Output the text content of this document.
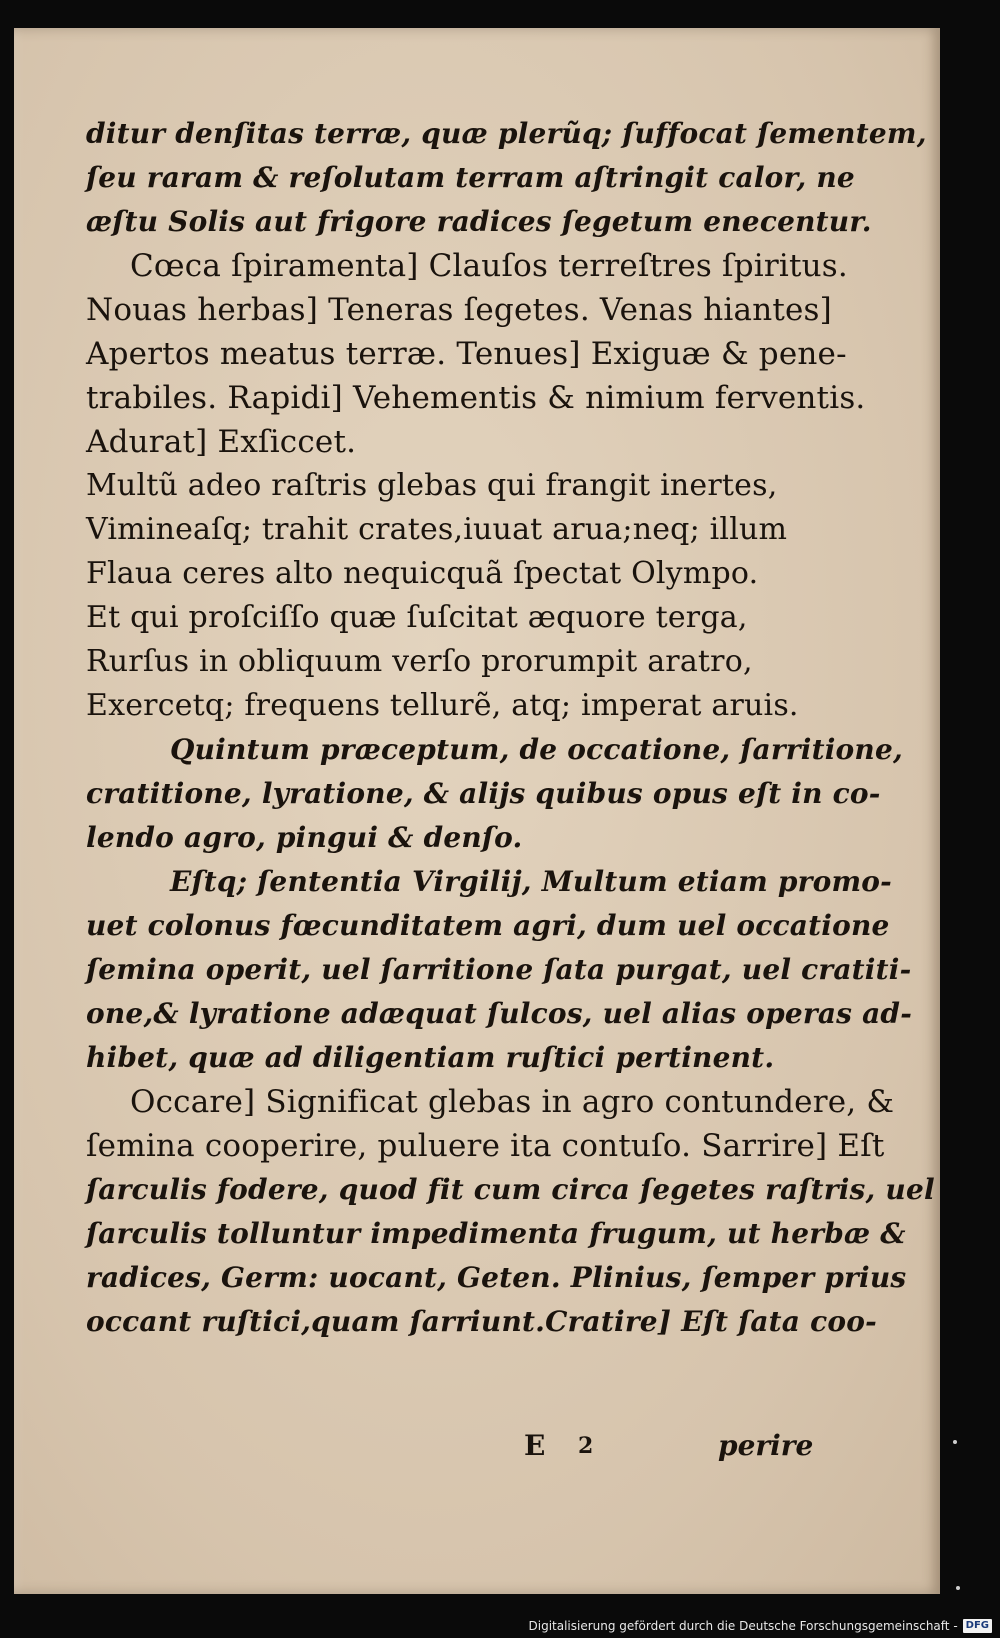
ditur denſitas terræ, quæ plerũq; ſuffocat ſementem,
ſeu raram & reſolutam terram aſtringit calor, ne
æſtu Solis aut frigore radices ſegetum enecentur.
Cœca ſpiramenta] Clauſos terreſtres ſpiritus.
Nouas herbas] Teneras ſegetes. Venas hiantes]
Apertos meatus terræ. Tenues] Exiguæ & pene-
trabiles. Rapidi] Vehementis & nimium ferventis.
Adurat] Exſiccet.
Multũ adeo raſtris glebas qui frangit inertes,
Vimineaſq; trahit crates,iuuat arua;neq; illum
Flaua ceres alto nequicquã ſpectat Olympo.
Et qui proſciſſo quæ ſuſcitat æquore terga,
Rurſus in obliquum verſo prorumpit aratro,
Exercetq; frequens tellurẽ, atq; imperat aruis.
Quintum præceptum, de occatione, ſarritione,
cratitione, lyratione, & alijs quibus opus eſt in co-
lendo agro, pingui & denſo.
Eſtq; ſententia Virgilij, Multum etiam promo-
uet colonus fœcunditatem agri, dum uel occatione
ſemina operit, uel ſarritione ſata purgat, uel cratiti-
one,& lyratione adæquat ſulcos, uel alias operas ad-
hibet, quæ ad diligentiam ruſtici pertinent.
Occare] Significat glebas in agro contundere, &
ſemina cooperire, puluere ita contuſo. Sarrire] Eſt
ſarculis fodere, quod fit cum circa ſegetes raſtris, uel
ſarculis tolluntur impedimenta frugum, ut herbæ &
radices, Germ: uocant, Geten. Plinius, ſemper prius
occant ruſtici,quam ſarriunt.Cratire] Eſt ſata coo-
E 2	perire
Digitalisierung gefördert durch die Deutsche Forschungsgemeinschaft - DFG
